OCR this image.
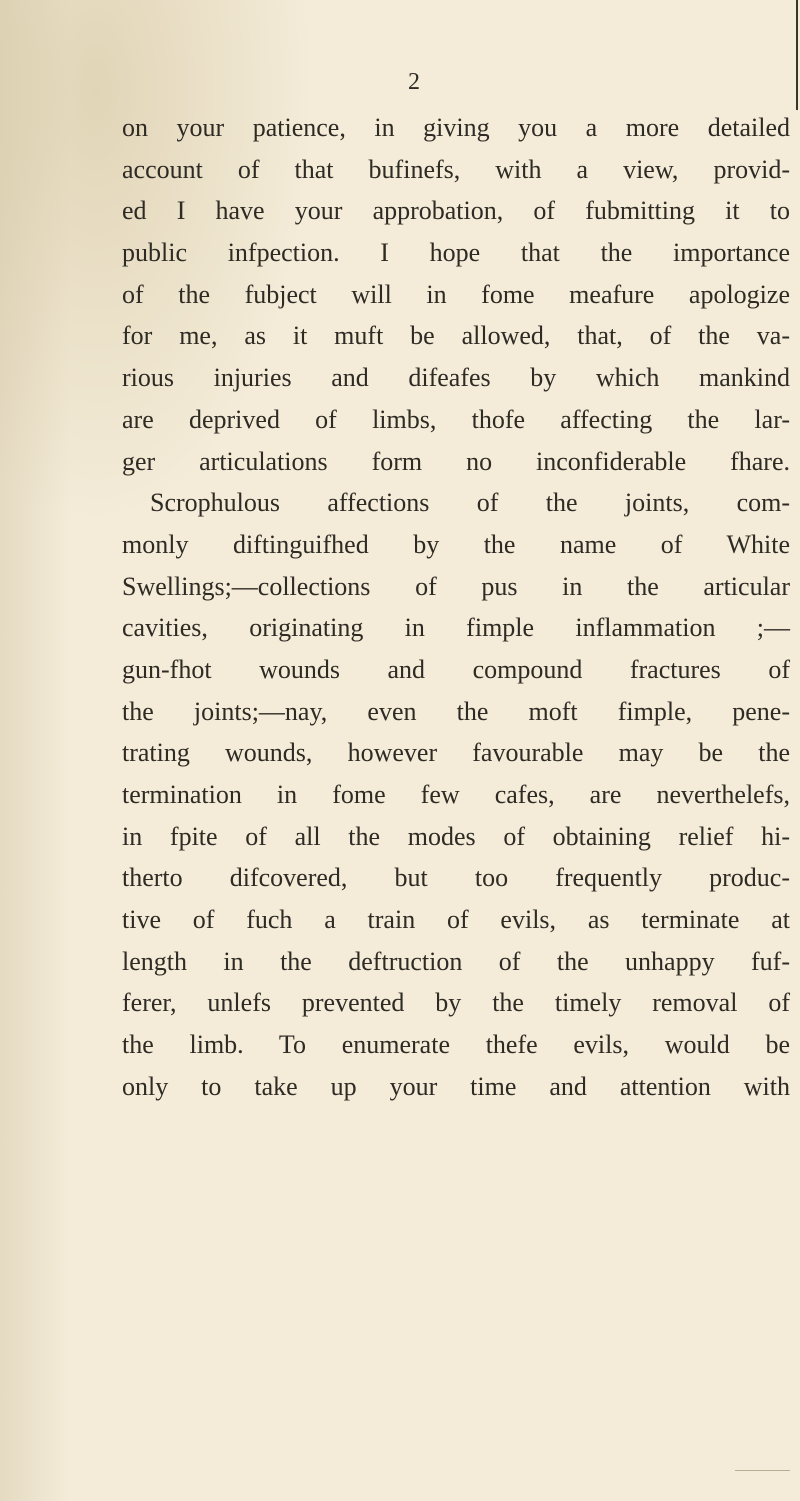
2
on your patience, in giving you a more detailed
account of that bufinefs, with a view, provid-
ed I have your approbation, of fubmitting it to
public infpection. I hope that the importance
of the fubject will in fome meafure apologize
for me, as it muft be allowed, that, of the va-
rious injuries and difeafes by which mankind
are deprived of limbs, thofe affecting the lar-
ger articulations form no inconfiderable fhare.
Scrophulous affections of the joints, com-
monly diftinguifhed by the name of White
Swellings;—collections of pus in the articular
cavities, originating in fimple inflammation ;—
gun-fhot wounds and compound fractures of
the joints;—nay, even the moft fimple, pene-
trating wounds, however favourable may be the
termination in fome few cafes, are neverthelefs,
in fpite of all the modes of obtaining relief hi-
therto difcovered, but too frequently produc-
tive of fuch a train of evils, as terminate at
length in the deftruction of the unhappy fuf-
ferer, unlefs prevented by the timely removal of
the limb. To enumerate thefe evils, would be
only to take up your time and attention with
